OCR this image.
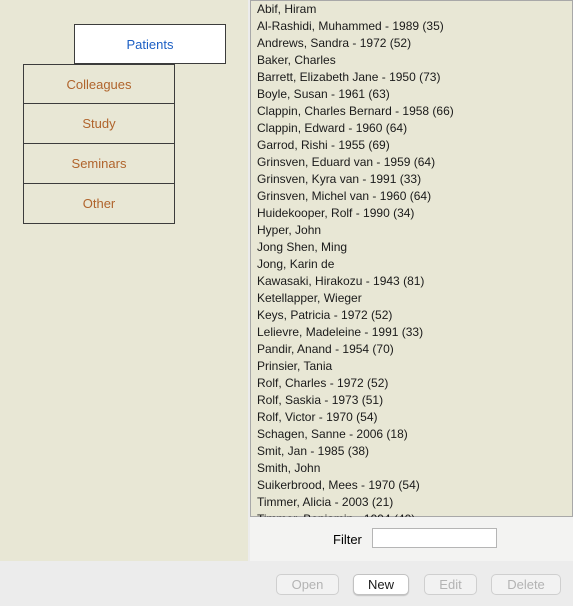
Patients
Colleagues
Study
Seminars
Other
Abif, Hiram
Al-Rashidi, Muhammed - 1989 (35)
Andrews, Sandra - 1972 (52)
Baker, Charles
Barrett, Elizabeth Jane - 1950 (73)
Boyle, Susan - 1961 (63)
Clappin, Charles Bernard - 1958 (66)
Clappin, Edward - 1960 (64)
Garrod, Rishi - 1955 (69)
Grinsven, Eduard van - 1959 (64)
Grinsven, Kyra van - 1991 (33)
Grinsven, Michel van - 1960 (64)
Huidekooper, Rolf - 1990 (34)
Hyper, John
Jong Shen, Ming
Jong, Karin de
Kawasaki, Hirakozu - 1943 (81)
Ketellapper, Wieger
Keys, Patricia - 1972 (52)
Lelievre, Madeleine - 1991 (33)
Pandir, Anand - 1954 (70)
Prinsier, Tania
Rolf, Charles - 1972 (52)
Rolf, Saskia - 1973 (51)
Rolf, Victor - 1970 (54)
Schagen, Sanne - 2006 (18)
Smit, Jan - 1985 (38)
Smith, John
Suikerbrood, Mees - 1970 (54)
Timmer, Alicia - 2003 (21)
Filter
Open	New	Edit	Delete
